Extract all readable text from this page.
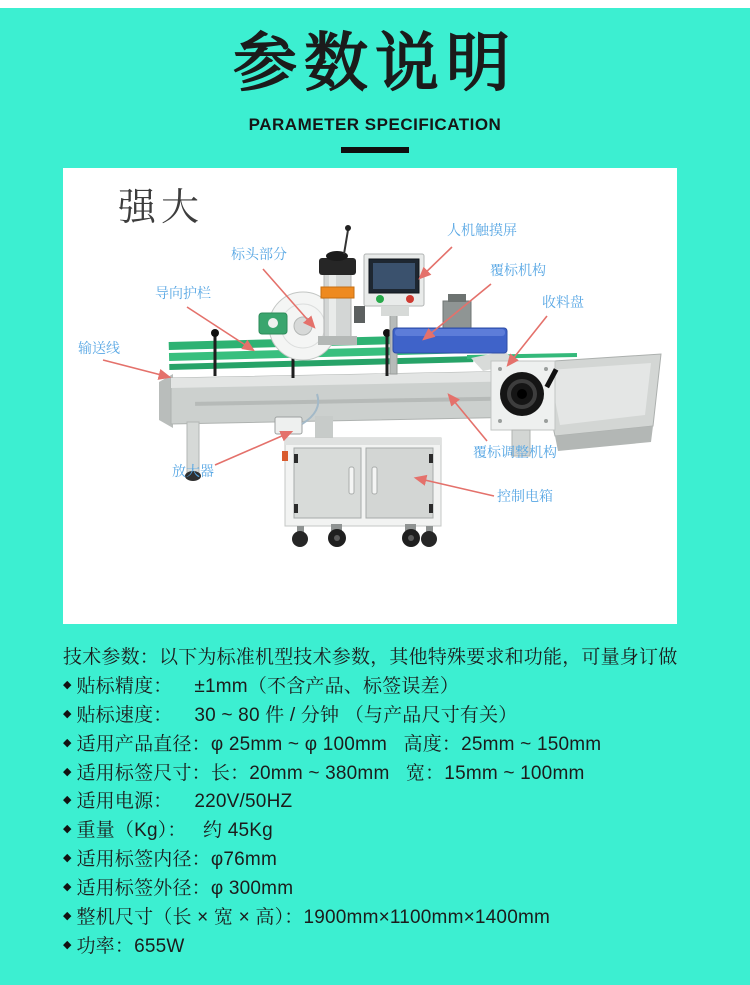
参数说明
PARAMETER SPECIFICATION
强大
人机触摸屏
标头部分
覆标机构
导向护栏
收料盘
输送线
覆标调整机构
放大器
控制电箱
技术参数：以下为标准机型技术参数，其他特殊要求和功能，可量身订做
◆ 贴标精度：    ±1mm（不含产品、标签误差）
◆ 贴标速度：    30 ~ 80 件 / 分钟 （与产品尺寸有关）
◆ 适用产品直径：φ 25mm ~ φ 100mm   高度：25mm ~ 150mm
◆ 适用标签尺寸：长：20mm ~ 380mm   宽：15mm ~ 100mm
◆ 适用电源：    220V/50HZ
◆ 重量（Kg）：   约 45Kg
◆ 适用标签内径：φ76mm
◆ 适用标签外径：φ 300mm
◆ 整机尺寸（长 × 宽 × 高）：1900mm×1100mm×1400mm
◆ 功率：655W
